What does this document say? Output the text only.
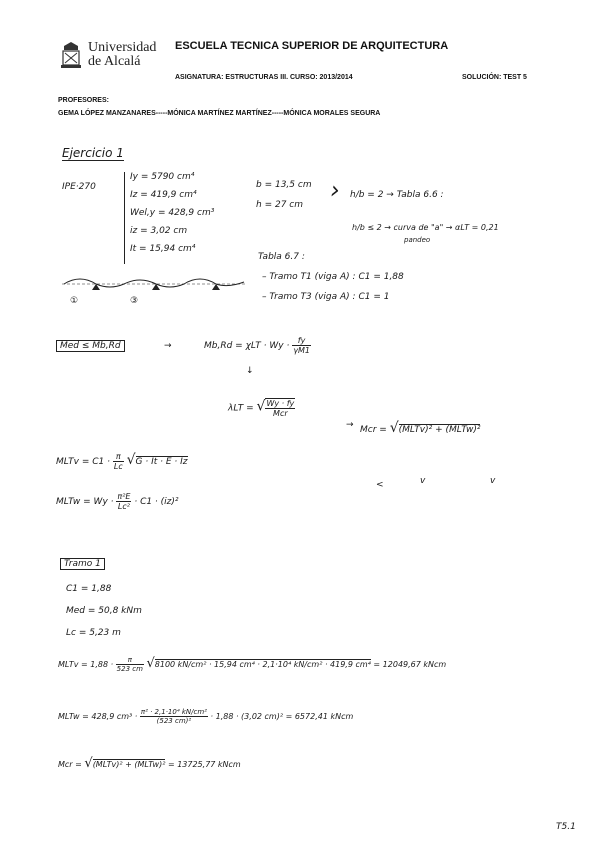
Universidad
de Alcalá
ESCUELA TECNICA SUPERIOR DE ARQUITECTURA
ASIGNATURA: ESTRUCTURAS III. CURSO: 2013/2014	SOLUCIÓN: TEST 5
PROFESORES:
GEMA LÓPEZ MANZANARES-----MÓNICA MARTÍNEZ MARTÍNEZ-----MÓNICA MORALES SEGURA
Ejercicio 1
IPE·270
Iy = 5790 cm⁴
Iz = 419,9 cm⁴
Wel,y = 428,9 cm³
iz = 3,02 cm
It = 15,94 cm⁴
b = 13,5 cm
h = 27 cm
› h/b = 2 → Tabla 6.6 :
h/b ≤ 2 → curva de "a" → αLT = 0,21
pandeo
Tabla 6.7 :
– Tramo T1 (viga A) : C1 = 1,88
– Tramo T3 (viga A) : C1 = 1
①	③
Med ≤ Mb,Rd	→	$Mb,Rd = \chi LT \cdot Wy \cdot \frac{fy}{\gamma M1}$
↓
λLT = √ $\frac{Wy \cdot fy}{\text{Mcr}}$
→ Mcr = √(MLTv)² + (MLTw)²
<	v	v
MLTv = $C1 \cdot \frac{\pi}{Lc} √G \cdot It \cdot E \cdot Iz$
MLTw = $Wy \cdot \frac{\text{π²E}}{\text{Lc²}} \cdot C1 \cdot (iz)^2$
Tramo 1
C1 = 1,88
Med = 50,8 kNm
Lc = 5,23 m
MLTv = $1,88 \cdot \frac{\pi}{523 cm} √8100$ kN/cm² · 15,94 cm⁴ · 2,1·10⁴ kN/cm² · 419,9 cm⁴ = 12049,67 kNcm
MLTw = 428,9 $cm^3 \cdot \frac{\text{π² · 2,1·10⁴ kN/cm²}}{\text{(523 cm)²}} \cdot 1,88 \cdot (3,02$ cm)² = 6572,41 kNcm
Mcr = √(MLTv)² + (MLTw)² = 13725,77 kNcm
T5.1
